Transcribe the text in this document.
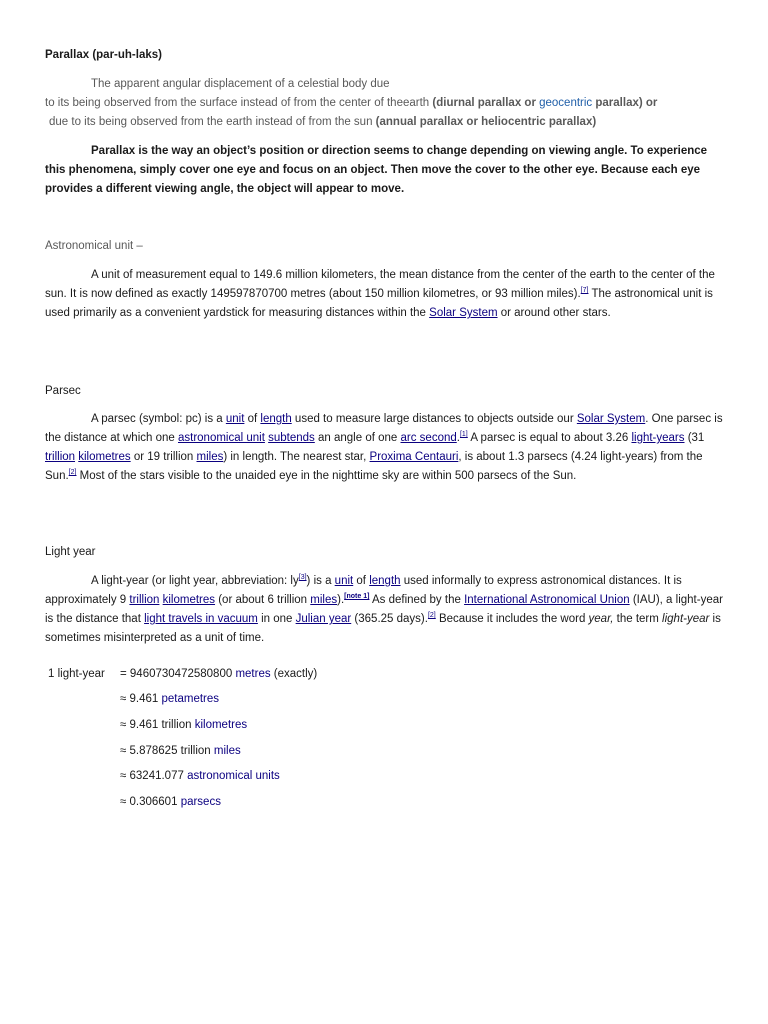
Parallax (par-uh-laks)
The apparent angular displacement of a celestial body due
to its being observed from the surface instead of from the center of theearth (diurnal parallax or geocentric parallax) or
due to its being observed from the earth instead of from the sun (annual parallax or heliocentric parallax)
Parallax is the way an object’s position or direction seems to change depending on viewing angle. To experience this phenomena, simply cover one eye and focus on an object. Then move the cover to the other eye. Because each eye provides a different viewing angle, the object will appear to move.
Astronomical unit –
A unit of measurement equal to 149.6 million kilometers, the mean distance from the center of the earth to the center of the sun. It is now defined as exactly 149597870700 metres (about 150 million kilometres, or 93 million miles).[7] The astronomical unit is used primarily as a convenient yardstick for measuring distances within the Solar System or around other stars.
Parsec
A parsec (symbol: pc) is a unit of length used to measure large distances to objects outside our Solar System. One parsec is the distance at which one astronomical unit subtends an angle of one arc second.[1] A parsec is equal to about 3.26 light-years (31 trillion kilometres or 19 trillion miles) in length. The nearest star, Proxima Centauri, is about 1.3 parsecs (4.24 light-years) from the Sun.[2] Most of the stars visible to the unaided eye in the nighttime sky are within 500 parsecs of the Sun.
Light year
A light-year (or light year, abbreviation: ly[3]) is a unit of length used informally to express astronomical distances. It is approximately 9 trillion kilometres (or about 6 trillion miles).[note 1] As defined by the International Astronomical Union (IAU), a light-year is the distance that light travels in vacuum in one Julian year (365.25 days).[2] Because it includes the word year, the term light-year is sometimes misinterpreted as a unit of time.
1 light-year = 9460730472580800 metres (exactly)
≈ 9.461 petametres
≈ 9.461 trillion kilometres
≈ 5.878625 trillion miles
≈ 63241.077 astronomical units
≈ 0.306601 parsecs
